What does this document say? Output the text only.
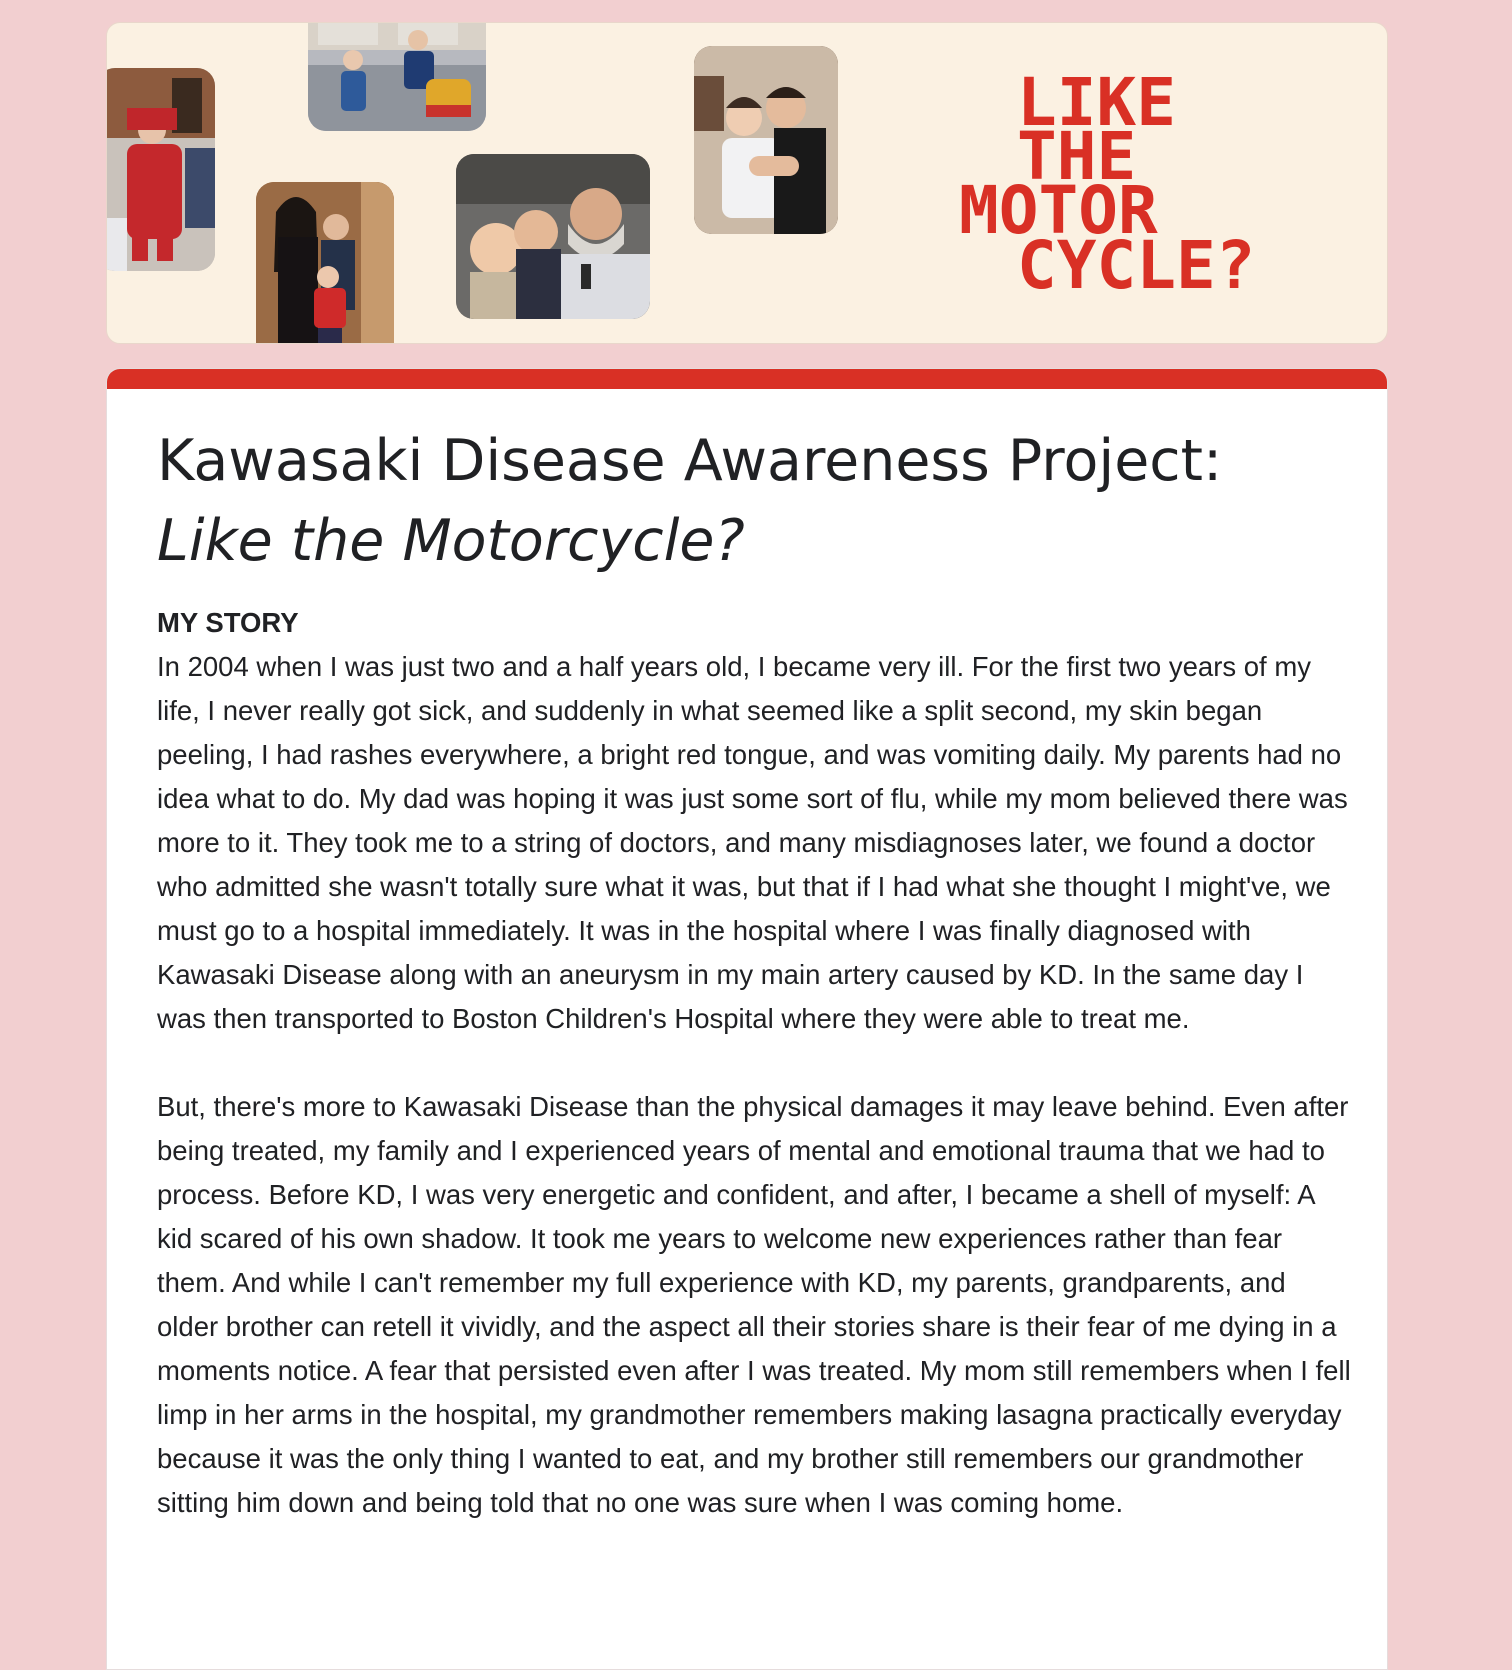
LIKE
THE
MOTOR
CYCLE?
Kawasaki Disease Awareness Project: Like the Motorcycle?
MY STORY

In 2004 when I was just two and a half years old, I became very ill. For the first two years of my life, I never really got sick, and suddenly in what seemed like a split second, my skin began peeling, I had rashes everywhere, a bright red tongue, and was vomiting daily. My parents had no idea what to do. My dad was hoping it was just some sort of flu, while my mom believed there was more to it. They took me to a string of doctors, and many misdiagnoses later, we found a doctor who admitted she wasn't totally sure what it was, but that if I had what she thought I might've, we must go to a hospital immediately. It was in the hospital where I was finally diagnosed with Kawasaki Disease along with an aneurysm in my main artery caused by KD. In the same day I was then transported to Boston Children's Hospital where they were able to treat me.

But, there's more to Kawasaki Disease than the physical damages it may leave behind. Even after being treated, my family and I experienced years of mental and emotional trauma that we had to process. Before KD, I was very energetic and confident, and after, I became a shell of myself: A kid scared of his own shadow. It took me years to welcome new experiences rather than fear them. And while I can't remember my full experience with KD, my parents, grandparents, and older brother can retell it vividly, and the aspect all their stories share is their fear of me dying in a moments notice. A fear that persisted even after I was treated. My mom still remembers when I fell limp in her arms in the hospital, my grandmother remembers making lasagna practically everyday because it was the only thing I wanted to eat, and my brother still remembers our grandmother sitting him down and being told that no one was sure when I was coming home.
